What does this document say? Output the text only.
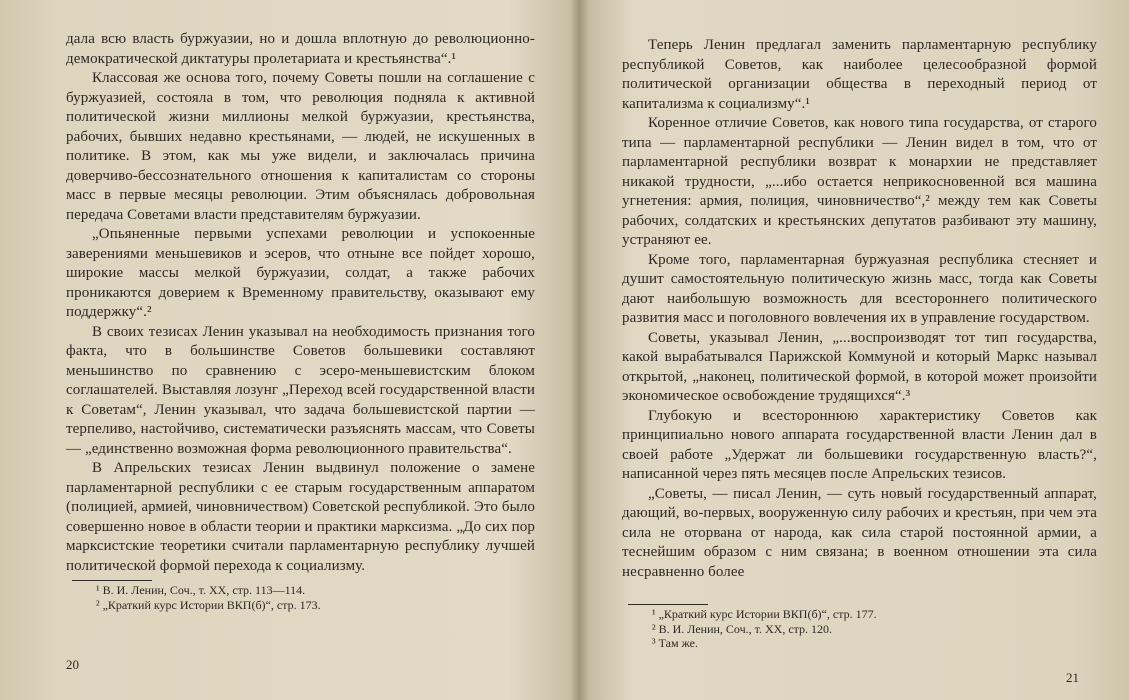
дала всю власть буржуазии, но и дошла вплотную до революционно-демократической диктатуры пролетариата и крестьянства“.¹

Классовая же основа того, почему Советы пошли на соглашение с буржуазией, состояла в том, что революция подняла к активной политической жизни миллионы мелкой буржуазии, крестьянства, рабочих, бывших недавно крестьянами, — людей, не искушенных в политике. В этом, как мы уже видели, и заключалась причина доверчиво-бессознательного отношения к капиталистам со стороны масс в первые месяцы революции. Этим объяснялась добровольная передача Советами власти представителям буржуазии.

„Опьяненные первыми успехами революции и успокоенные заверениями меньшевиков и эсеров, что отныне все пойдет хорошо, широкие массы мелкой буржуазии, солдат, а также рабочих проникаются доверием к Временному правительству, оказывают ему поддержку“.²

В своих тезисах Ленин указывал на необходимость признания того факта, что в большинстве Советов большевики составляют меньшинство по сравнению с эсеро-меньшевистским блоком соглашателей. Выставляя лозунг „Переход всей государственной власти к Советам“, Ленин указывал, что задача большевистской партии — терпеливо, настойчиво, систематически разъяснять массам, что Советы — „единственно возможная форма революционного правительства“.

В Апрельских тезисах Ленин выдвинул положение о замене парламентарной республики с ее старым государственным аппаратом (полицией, армией, чиновничеством) Советской республикой. Это было совершенно новое в области теории и практики марксизма. „До сих пор марксистские теоретики считали парламентарную республику лучшей политической формой перехода к социализму.

¹ В. И. Ленин, Соч., т. XX, стр. 113—114.

² „Краткий курс Истории ВКП(б)“, стр. 173.

20

Теперь Ленин предлагал заменить парламентарную республику республикой Советов, как наиболее целесообразной формой политической организации общества в переходный период от капитализма к социализму“.¹

Коренное отличие Советов, как нового типа государства, от старого типа — парламентарной республики — Ленин видел в том, что от парламентарной республики возврат к монархии не представляет никакой трудности, „...ибо остается неприкосновенной вся машина угнетения: армия, полиция, чиновничество“,² между тем как Советы рабочих, солдатских и крестьянских депутатов разбивают эту машину, устраняют ее.

Кроме того, парламентарная буржуазная республика стесняет и душит самостоятельную политическую жизнь масс, тогда как Советы дают наибольшую возможность для всестороннего политического развития масс и поголовного вовлечения их в управление государством.

Советы, указывал Ленин, „...воспроизводят тот тип государства, какой вырабатывался Парижской Коммуной и который Маркс называл открытой, „наконец, политической формой, в которой может произойти экономическое освобождение трудящихся“.³

Глубокую и всестороннюю характеристику Советов как принципиально нового аппарата государственной власти Ленин дал в своей работе „Удержат ли большевики государственную власть?“, написанной через пять месяцев после Апрельских тезисов.

„Советы, — писал Ленин, — суть новый государственный аппарат, дающий, во-первых, вооруженную силу рабочих и крестьян, при чем эта сила не оторвана от народа, как сила старой постоянной армии, а теснейшим образом с ним связана; в военном отношении эта сила несравненно более

¹ „Краткий курс Истории ВКП(б)“, стр. 177.

² В. И. Ленин, Соч., т. XX, стр. 120.

³ Там же.

21
